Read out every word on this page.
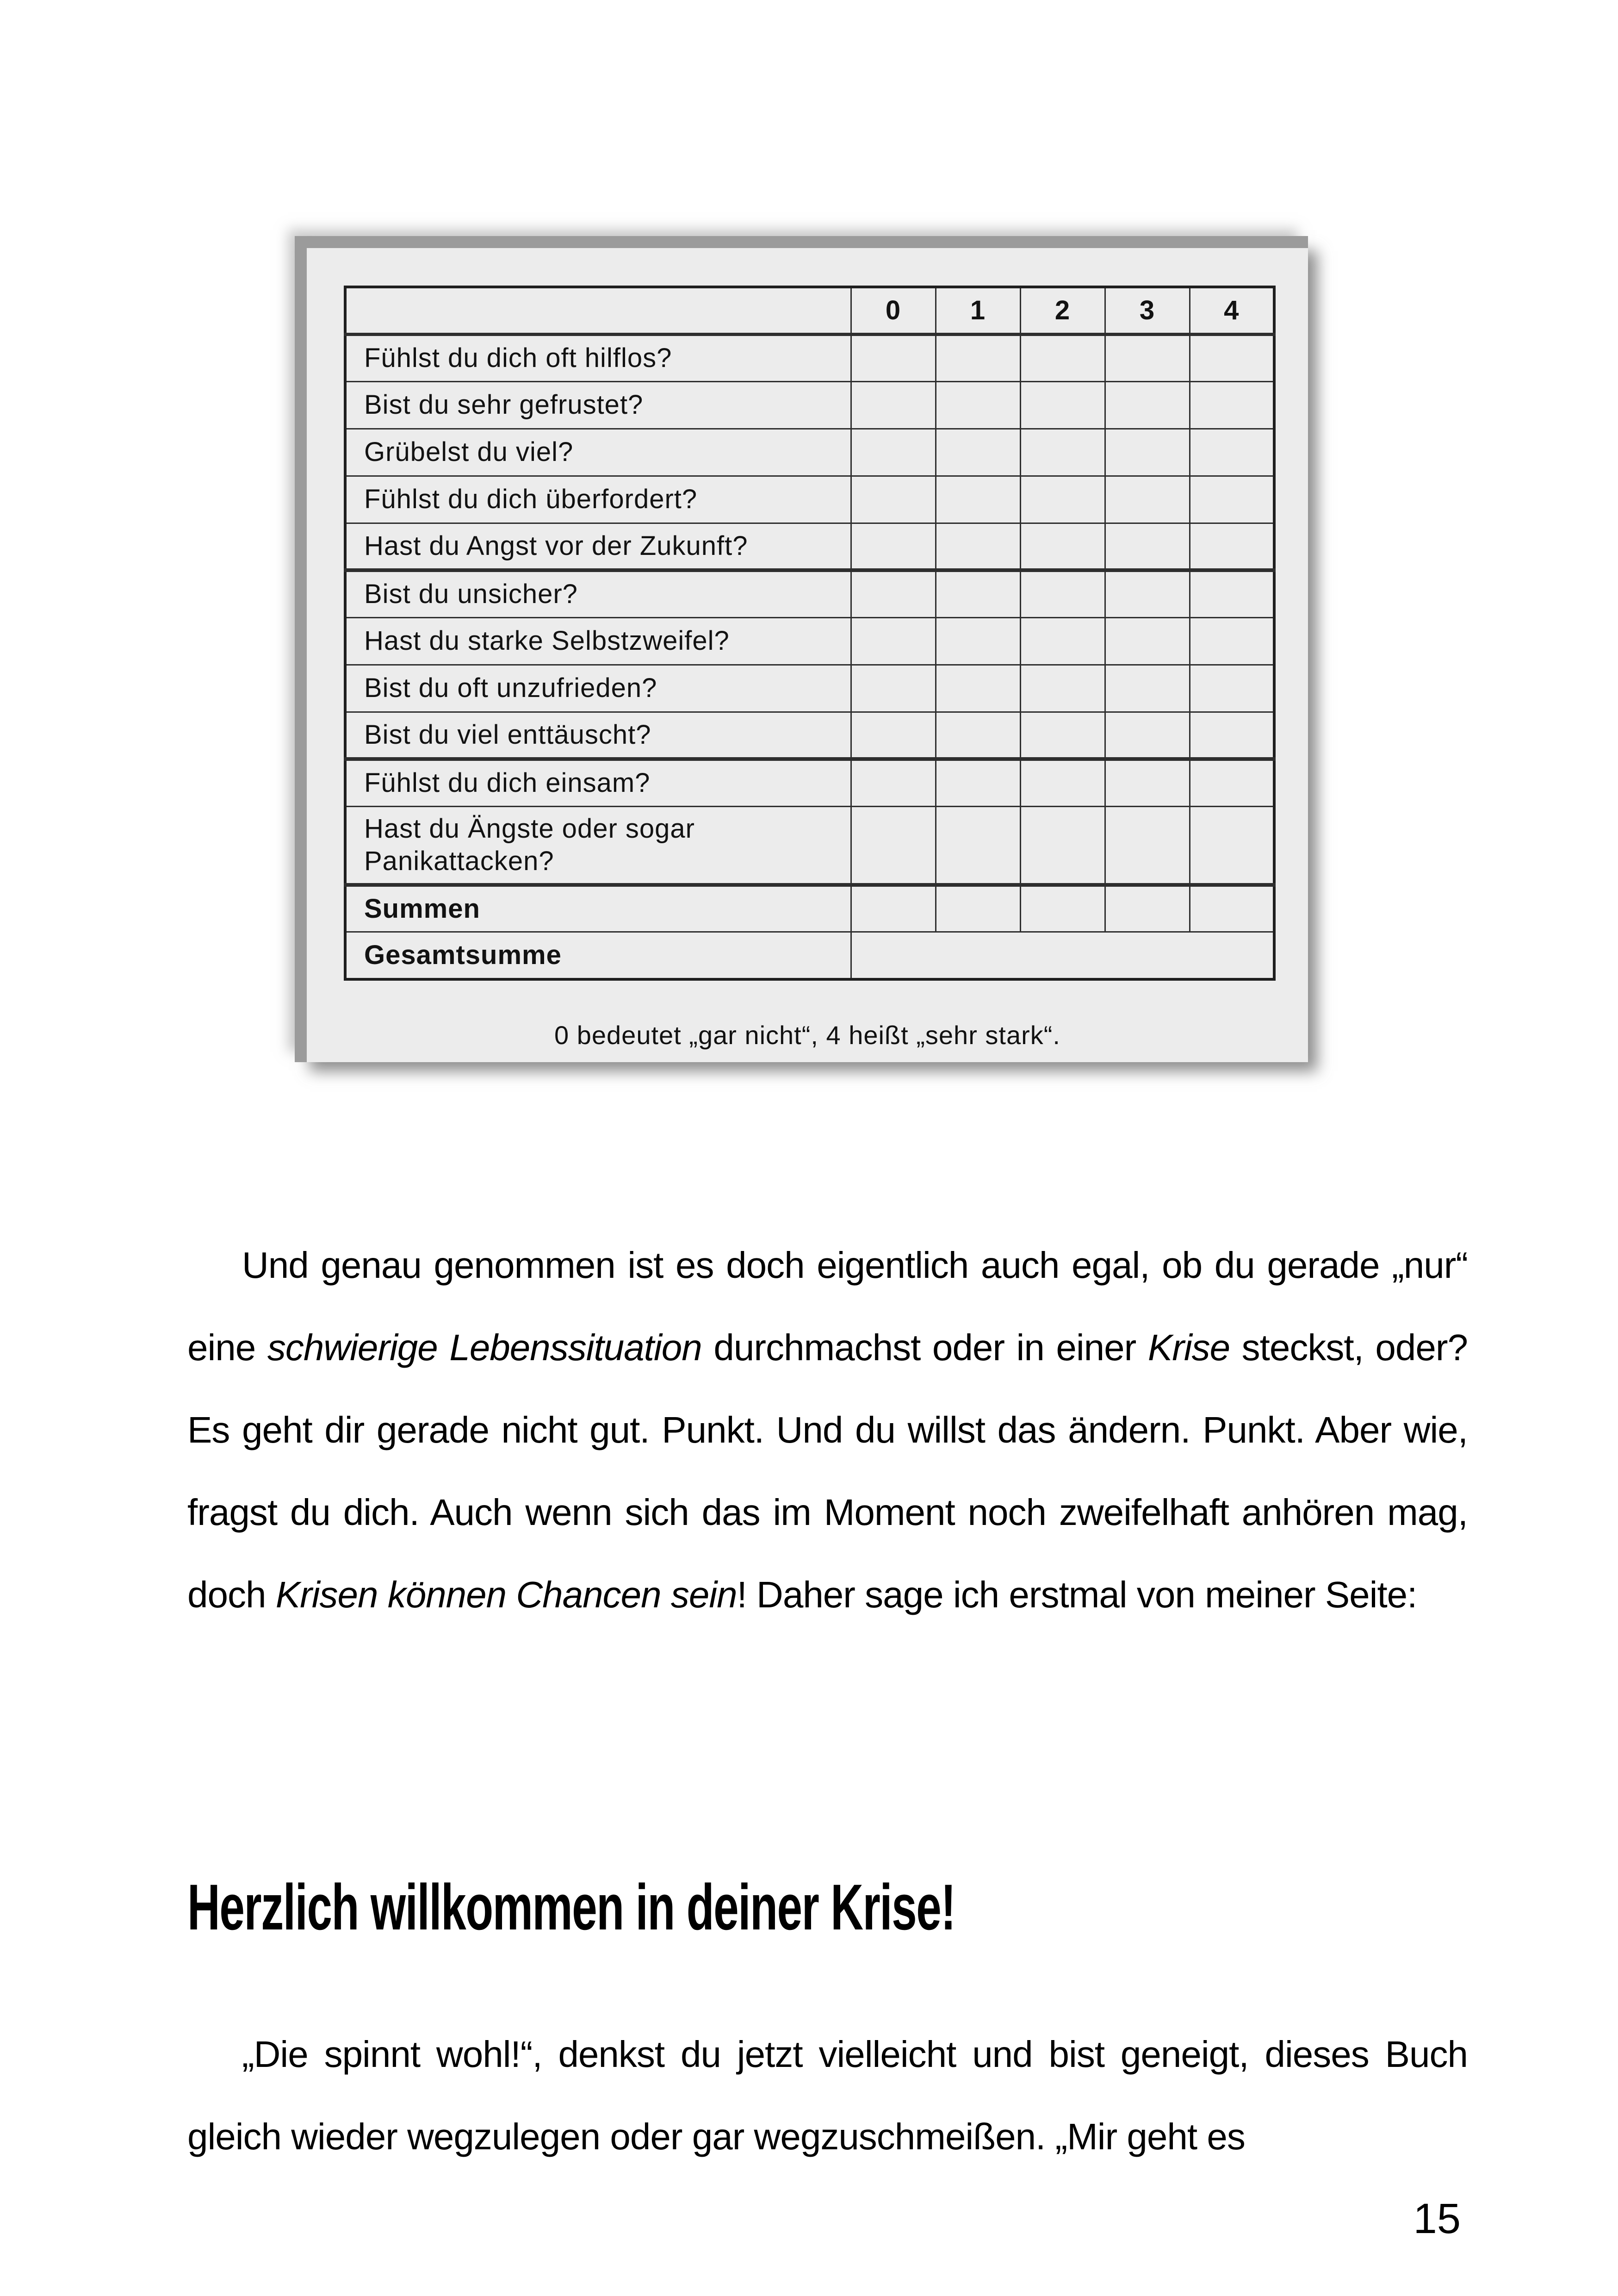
	0	1	2	3	4
Fühlst du dich oft hilflos?					
Bist du sehr gefrustet?					
Grübelst du viel?					
Fühlst du dich überfordert?					
Hast du Angst vor der Zukunft?					
Bist du unsicher?					
Hast du starke Selbstzweifel?					
Bist du oft unzufrieden?					
Bist du viel enttäuscht?					
Fühlst du dich einsam?					
Hast du Ängste oder sogar Panikattacken?					
Summen					
Gesamtsumme					
0 bedeutet „gar nicht“, 4 heißt „sehr stark“.
Und genau genommen ist es doch eigentlich auch egal, ob du gerade „nur“ eine schwierige Lebenssituation durchmachst oder in einer Krise steckst, oder? Es geht dir gerade nicht gut. Punkt. Und du willst das ändern. Punkt. Aber wie, fragst du dich. Auch wenn sich das im Moment noch zweifelhaft anhören mag, doch Krisen können Chancen sein! Daher sage ich erstmal von meiner Seite:
Herzlich willkommen in deiner Krise!
„Die spinnt wohl!“, denkst du jetzt vielleicht und bist geneigt, dieses Buch gleich wieder wegzulegen oder gar wegzuschmeißen. „Mir geht es
15
